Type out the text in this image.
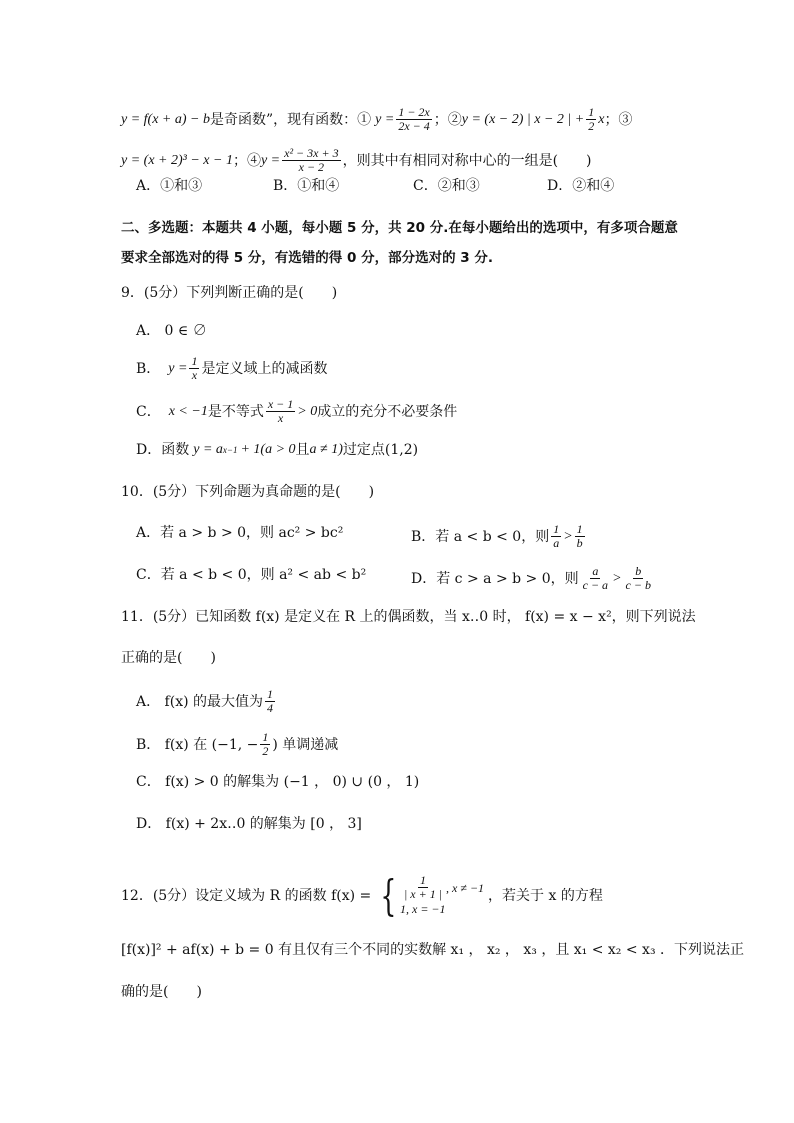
y = f(x + a) − b 是奇函数”，现有函数：① $y = \frac{1 - 2x}{2x - 4}$ ；② y = (x − 2) | x − 2 | + $\frac{1}{2}$ x ；③
y = (x + 2)³ − x − 1 ；④ $y = \frac{\text{x² − 3x + 3}}{x - 2}$ ，则其中有相同对称中心的一组是(　　)
A．①和③	B．①和④	C．②和③	D．②和④
二、多选题：本题共 4 小题，每小题 5 分，共 20 分.在每小题给出的选项中，有多项合题意
要求全部选对的得 5 分，有选错的得 0 分，部分选对的 3 分.
9．(5分）下列判断正确的是(　　)
A． 0 ∈ ∅
B． $y = \frac{1}{x}$ 是定义域上的减函数
C． x < −1 是不等式 $\frac{x - 1}{x} > 0$ 成立的充分不必要条件
D．函数 y = a x−1 + 1(a > 0 且 a ≠ 1) 过定点(1,2)
10．(5分）下列命题为真命题的是(　　)
A．若 a > b > 0，则 ac² > bc²	B．若 a < b < 0，则 $\frac{1}{a} > \frac{1}{b}$
C．若 a < b < 0，则 a² < ab < b²	D．若 c > a > b > 0，则 $\frac{a}{c - a} > \frac{b}{c - b}$
11．(5分）已知函数 f(x) 是定义在 R 上的偶函数，当 x‥0 时， f(x) = x − x²，则下列说法
正确的是(　　)
A． f(x) 的最大值为 $\frac{1}{4}$
B． f(x) 在 (−1, − $\frac{1}{2}$ ) 单调递减
C． f(x) > 0 的解集为 (−1 ， 0) ∪ (0 ， 1)
D． f(x) + 2x‥0 的解集为 [0 ， 3]
12．(5分）设定义域为 R 的函数 f(x) = { $\frac{1}{| x + 1 |}$ , x ≠ −1
1, x = −1
，若关于 x 的方程
[f(x)]² + af(x) + b = 0 有且仅有三个不同的实数解 x₁ ， x₂ ， x₃ ，且 x₁ < x₂ < x₃ ．下列说法正
确的是(　　)
